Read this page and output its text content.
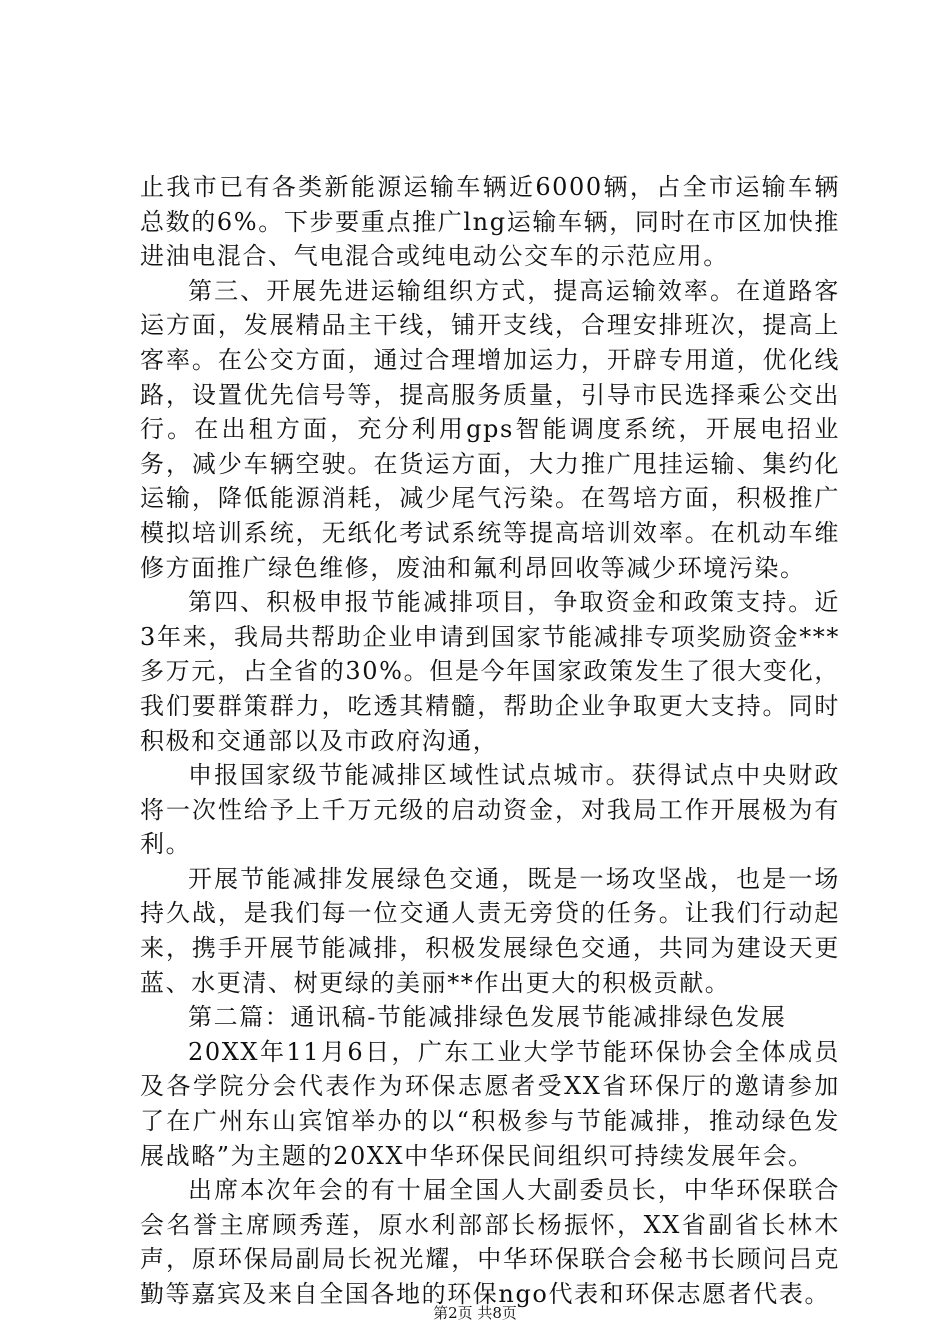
止我市已有各类新能源运输车辆近6000辆，占全市运输车辆总数的6%。下步要重点推广lng运输车辆，同时在市区加快推进油电混合、气电混合或纯电动公交车的示范应用。

第三、开展先进运输组织方式，提高运输效率。在道路客运方面，发展精品主干线，铺开支线，合理安排班次，提高上客率。在公交方面，通过合理增加运力，开辟专用道，优化线路，设置优先信号等，提高服务质量，引导市民选择乘公交出行。在出租方面，充分利用gps智能调度系统，开展电招业务，减少车辆空驶。在货运方面，大力推广甩挂运输、集约化运输，降低能源消耗，减少尾气污染。在驾培方面，积极推广模拟培训系统，无纸化考试系统等提高培训效率。在机动车维修方面推广绿色维修，废油和氟利昂回收等减少环境污染。

第四、积极申报节能减排项目，争取资金和政策支持。近3年来，我局共帮助企业申请到国家节能减排专项奖励资金***多万元，占全省的30%。但是今年国家政策发生了很大变化，我们要群策群力，吃透其精髓，帮助企业争取更大支持。同时积极和交通部以及市政府沟通，

申报国家级节能减排区域性试点城市。获得试点中央财政将一次性给予上千万元级的启动资金，对我局工作开展极为有利。

开展节能减排发展绿色交通，既是一场攻坚战，也是一场持久战，是我们每一位交通人责无旁贷的任务。让我们行动起来，携手开展节能减排，积极发展绿色交通，共同为建设天更蓝、水更清、树更绿的美丽**作出更大的积极贡献。

第二篇：通讯稿-节能减排绿色发展节能减排绿色发展

20XX年11月6日，广东工业大学节能环保协会全体成员及各学院分会代表作为环保志愿者受XX省环保厅的邀请参加了在广州东山宾馆举办的以“积极参与节能减排，推动绿色发展战略”为主题的20XX中华环保民间组织可持续发展年会。

出席本次年会的有十届全国人大副委员长，中华环保联合会名誉主席顾秀莲，原水利部部长杨振怀，XX省副省长林木声，原环保局副局长祝光耀，中华环保联合会秘书长顾问吕克勤等嘉宾及来自全国各地的环保ngo代表和环保志愿者代表。

第2页 共8页
